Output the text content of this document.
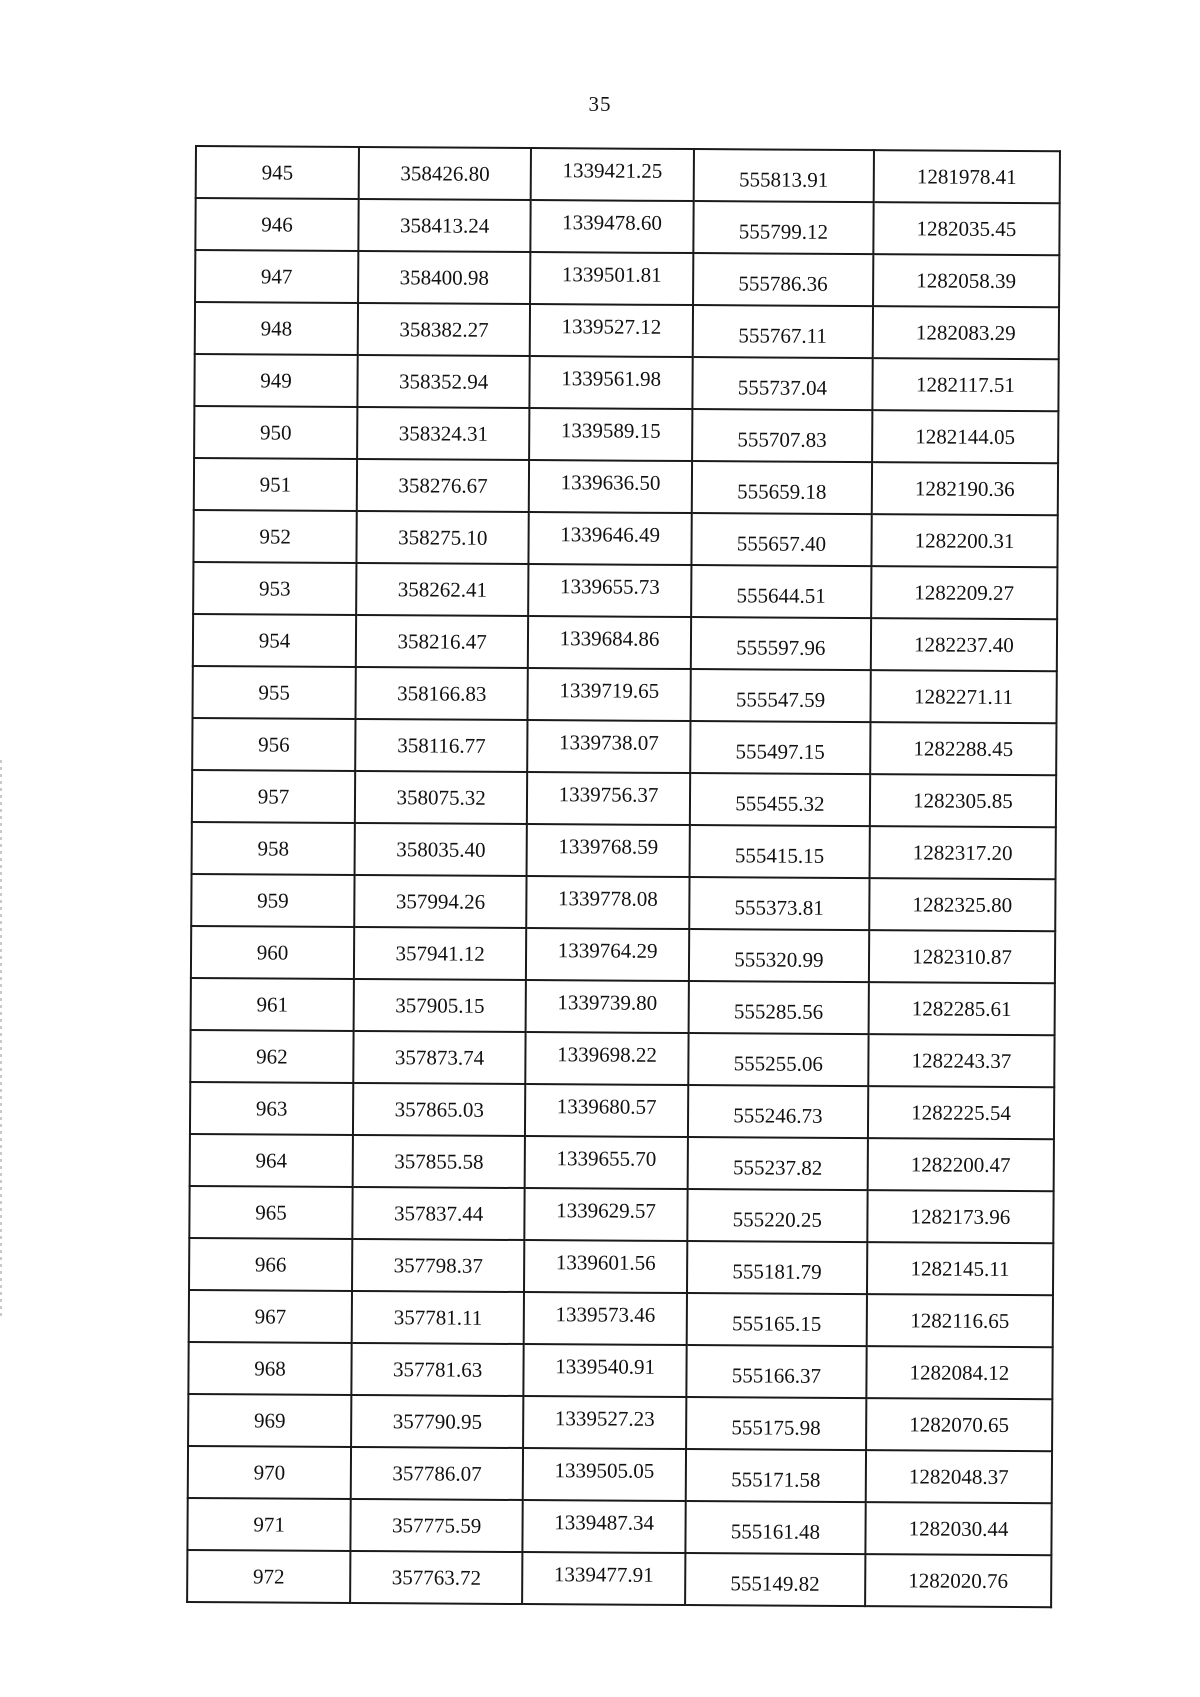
35
945	358426.80	1339421.25	555813.91	1281978.41
946	358413.24	1339478.60	555799.12	1282035.45
947	358400.98	1339501.81	555786.36	1282058.39
948	358382.27	1339527.12	555767.11	1282083.29
949	358352.94	1339561.98	555737.04	1282117.51
950	358324.31	1339589.15	555707.83	1282144.05
951	358276.67	1339636.50	555659.18	1282190.36
952	358275.10	1339646.49	555657.40	1282200.31
953	358262.41	1339655.73	555644.51	1282209.27
954	358216.47	1339684.86	555597.96	1282237.40
955	358166.83	1339719.65	555547.59	1282271.11
956	358116.77	1339738.07	555497.15	1282288.45
957	358075.32	1339756.37	555455.32	1282305.85
958	358035.40	1339768.59	555415.15	1282317.20
959	357994.26	1339778.08	555373.81	1282325.80
960	357941.12	1339764.29	555320.99	1282310.87
961	357905.15	1339739.80	555285.56	1282285.61
962	357873.74	1339698.22	555255.06	1282243.37
963	357865.03	1339680.57	555246.73	1282225.54
964	357855.58	1339655.70	555237.82	1282200.47
965	357837.44	1339629.57	555220.25	1282173.96
966	357798.37	1339601.56	555181.79	1282145.11
967	357781.11	1339573.46	555165.15	1282116.65
968	357781.63	1339540.91	555166.37	1282084.12
969	357790.95	1339527.23	555175.98	1282070.65
970	357786.07	1339505.05	555171.58	1282048.37
971	357775.59	1339487.34	555161.48	1282030.44
972	357763.72	1339477.91	555149.82	1282020.76
